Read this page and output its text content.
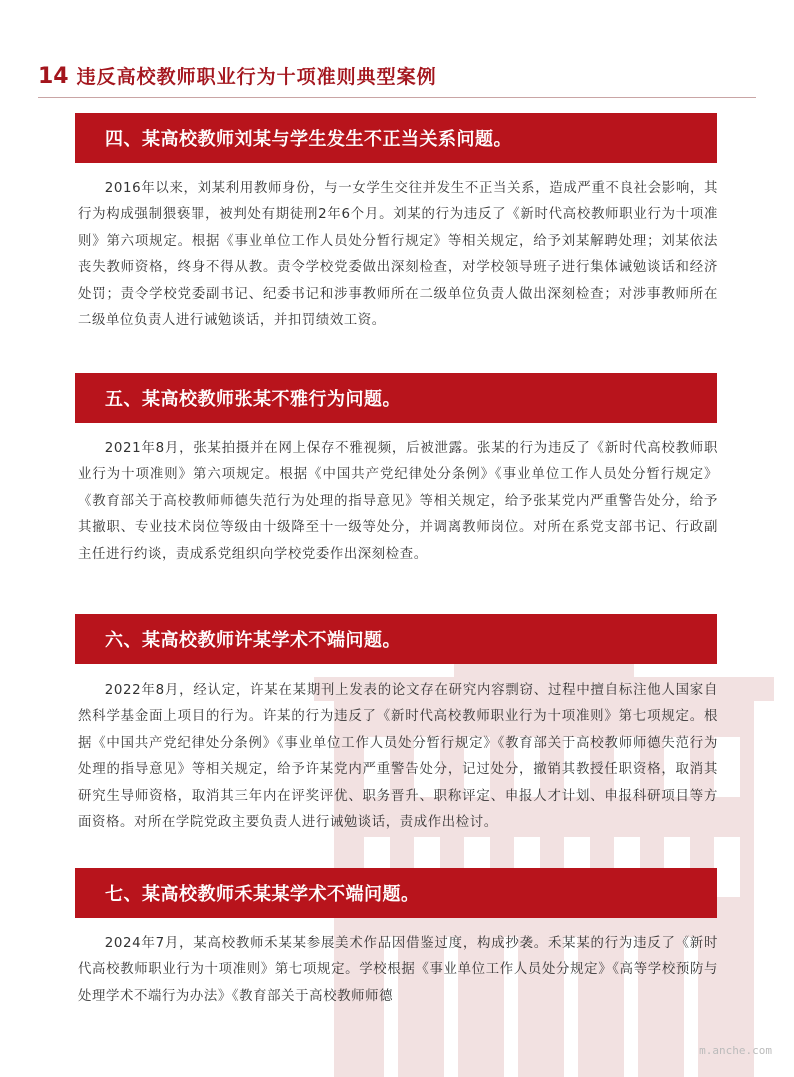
14 违反高校教师职业行为十项准则典型案例
四、某高校教师刘某与学生发生不正当关系问题。

2016年以来，刘某利用教师身份，与一女学生交往并发生不正当关系，造成严重不良社会影响，其行为构成强制猥亵罪，被判处有期徒刑2年6个月。刘某的行为违反了《新时代高校教师职业行为十项准则》第六项规定。根据《事业单位工作人员处分暂行规定》等相关规定，给予刘某解聘处理；刘某依法丧失教师资格，终身不得从教。责令学校党委做出深刻检查，对学校领导班子进行集体诫勉谈话和经济处罚；责令学校党委副书记、纪委书记和涉事教师所在二级单位负责人做出深刻检查；对涉事教师所在二级单位负责人进行诫勉谈话，并扣罚绩效工资。

五、某高校教师张某不雅行为问题。

2021年8月，张某拍摄并在网上保存不雅视频，后被泄露。张某的行为违反了《新时代高校教师职业行为十项准则》第六项规定。根据《中国共产党纪律处分条例》《事业单位工作人员处分暂行规定》《教育部关于高校教师师德失范行为处理的指导意见》等相关规定，给予张某党内严重警告处分，给予其撤职、专业技术岗位等级由十级降至十一级等处分，并调离教师岗位。对所在系党支部书记、行政副主任进行约谈，责成系党组织向学校党委作出深刻检查。

六、某高校教师许某学术不端问题。

2022年8月，经认定，许某在某期刊上发表的论文存在研究内容剽窃、过程中擅自标注他人国家自然科学基金面上项目的行为。许某的行为违反了《新时代高校教师职业行为十项准则》第七项规定。根据《中国共产党纪律处分条例》《事业单位工作人员处分暂行规定》《教育部关于高校教师师德失范行为处理的指导意见》等相关规定，给予许某党内严重警告处分，记过处分，撤销其教授任职资格，取消其研究生导师资格，取消其三年内在评奖评优、职务晋升、职称评定、申报人才计划、申报科研项目等方面资格。对所在学院党政主要负责人进行诫勉谈话，责成作出检讨。

七、某高校教师禾某某学术不端问题。

2024年7月，某高校教师禾某某参展美术作品因借鉴过度，构成抄袭。禾某某的行为违反了《新时代高校教师职业行为十项准则》第七项规定。学校根据《事业单位工作人员处分规定》《高等学校预防与处理学术不端行为办法》《教育部关于高校教师师德

m.anche.com
